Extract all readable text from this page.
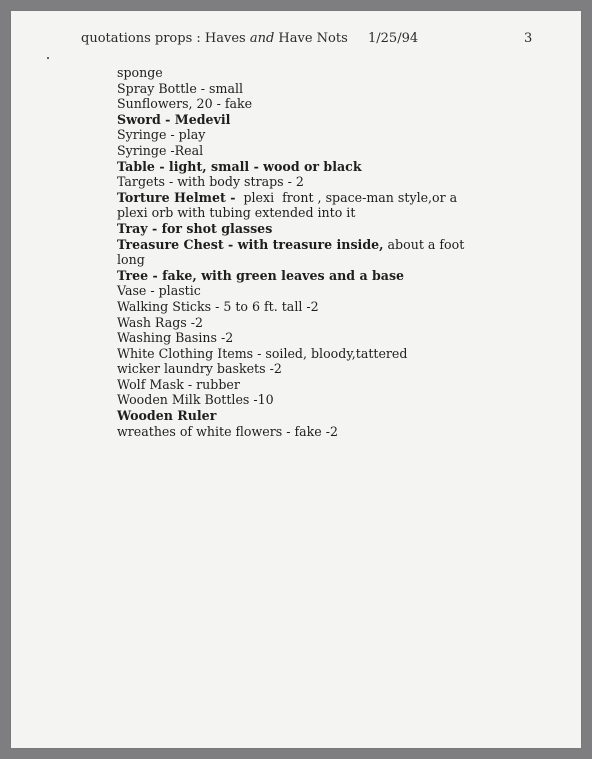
quotations props : Haves and Have Nots 1/25/94	3
sponge
Spray Bottle - small
Sunflowers, 20 - fake
Sword - Medevil
Syringe - play
Syringe -Real
Table - light, small - wood or black
Targets - with body straps - 2
Torture Helmet -  plexi  front , space-man style,or a
plexi orb with tubing extended into it
Tray - for shot glasses
Treasure Chest - with treasure inside, about a foot
long
Tree - fake, with green leaves and a base
Vase - plastic
Walking Sticks - 5 to 6 ft. tall -2
Wash Rags -2
Washing Basins -2
White Clothing Items - soiled, bloody,tattered
wicker laundry baskets -2
Wolf Mask - rubber
Wooden Milk Bottles -10
Wooden Ruler
wreathes of white flowers - fake -2
